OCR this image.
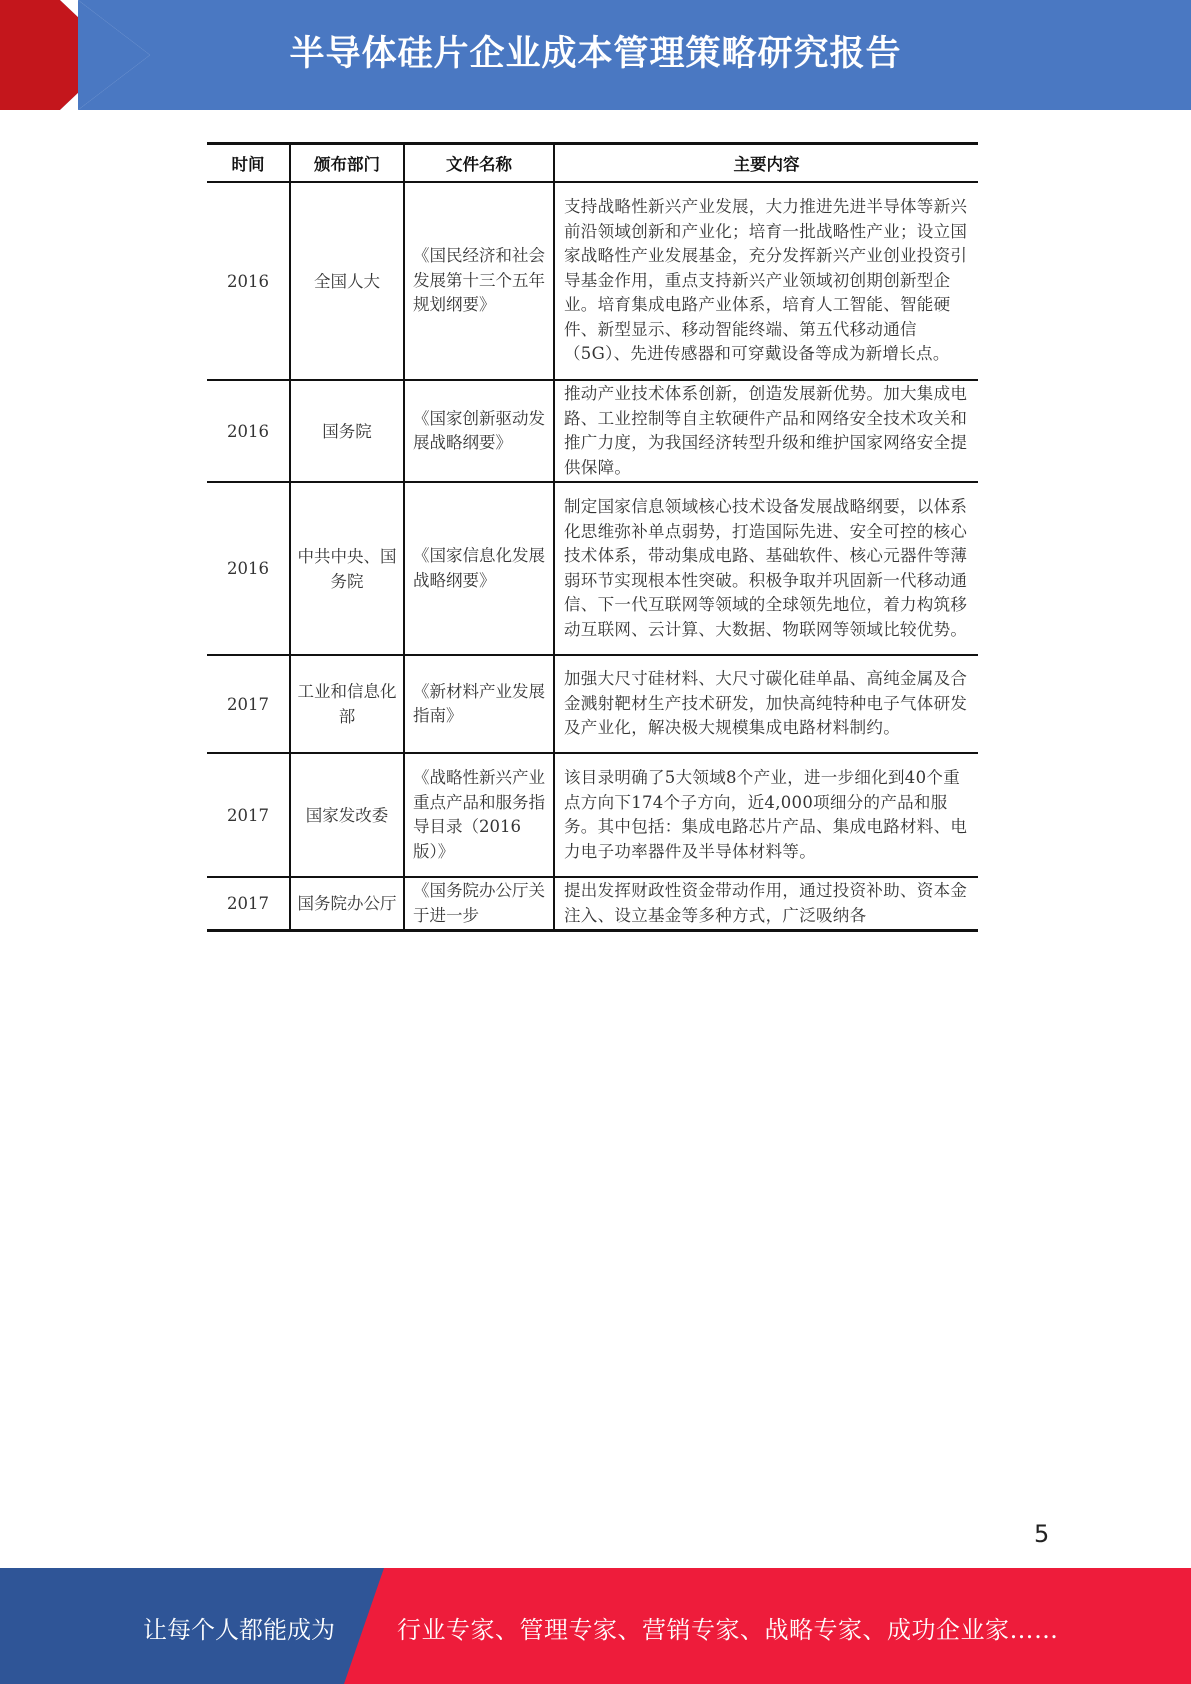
半导体硅片企业成本管理策略研究报告
时间	颁布部门	文件名称	主要内容
2016	全国人大	《国民经济和社会发展第十三个五年规划纲要》	支持战略性新兴产业发展，大力推进先进半导体等新兴前沿领域创新和产业化；培育一批战略性产业；设立国家战略性产业发展基金，充分发挥新兴产业创业投资引导基金作用，重点支持新兴产业领域初创期创新型企业。培育集成电路产业体系，培育人工智能、智能硬件、新型显示、移动智能终端、第五代移动通信（5G）、先进传感器和可穿戴设备等成为新增长点。
2016	国务院	《国家创新驱动发展战略纲要》	推动产业技术体系创新，创造发展新优势。加大集成电路、工业控制等自主软硬件产品和网络安全技术攻关和推广力度，为我国经济转型升级和维护国家网络安全提供保障。
2016	中共中央、国务院	《国家信息化发展战略纲要》	制定国家信息领域核心技术设备发展战略纲要，以体系化思维弥补单点弱势，打造国际先进、安全可控的核心技术体系，带动集成电路、基础软件、核心元器件等薄弱环节实现根本性突破。积极争取并巩固新一代移动通信、下一代互联网等领域的全球领先地位，着力构筑移动互联网、云计算、大数据、物联网等领域比较优势。
2017	工业和信息化部	《新材料产业发展指南》	加强大尺寸硅材料、大尺寸碳化硅单晶、高纯金属及合金溅射靶材生产技术研发，加快高纯特种电子气体研发及产业化，解决极大规模集成电路材料制约。
2017	国家发改委	《战略性新兴产业重点产品和服务指导目录（2016版）》	该目录明确了5大领域8个产业，进一步细化到40个重点方向下174个子方向，近4,000项细分的产品和服务。其中包括：集成电路芯片产品、集成电路材料、电力电子功率器件及半导体材料等。
2017	国务院办公厅	《国务院办公厅关于进一步	提出发挥财政性资金带动作用，通过投资补助、资本金注入、设立基金等多种方式，广泛吸纳各
5
让每个人都能成为	行业专家、管理专家、营销专家、战略专家、成功企业家……
